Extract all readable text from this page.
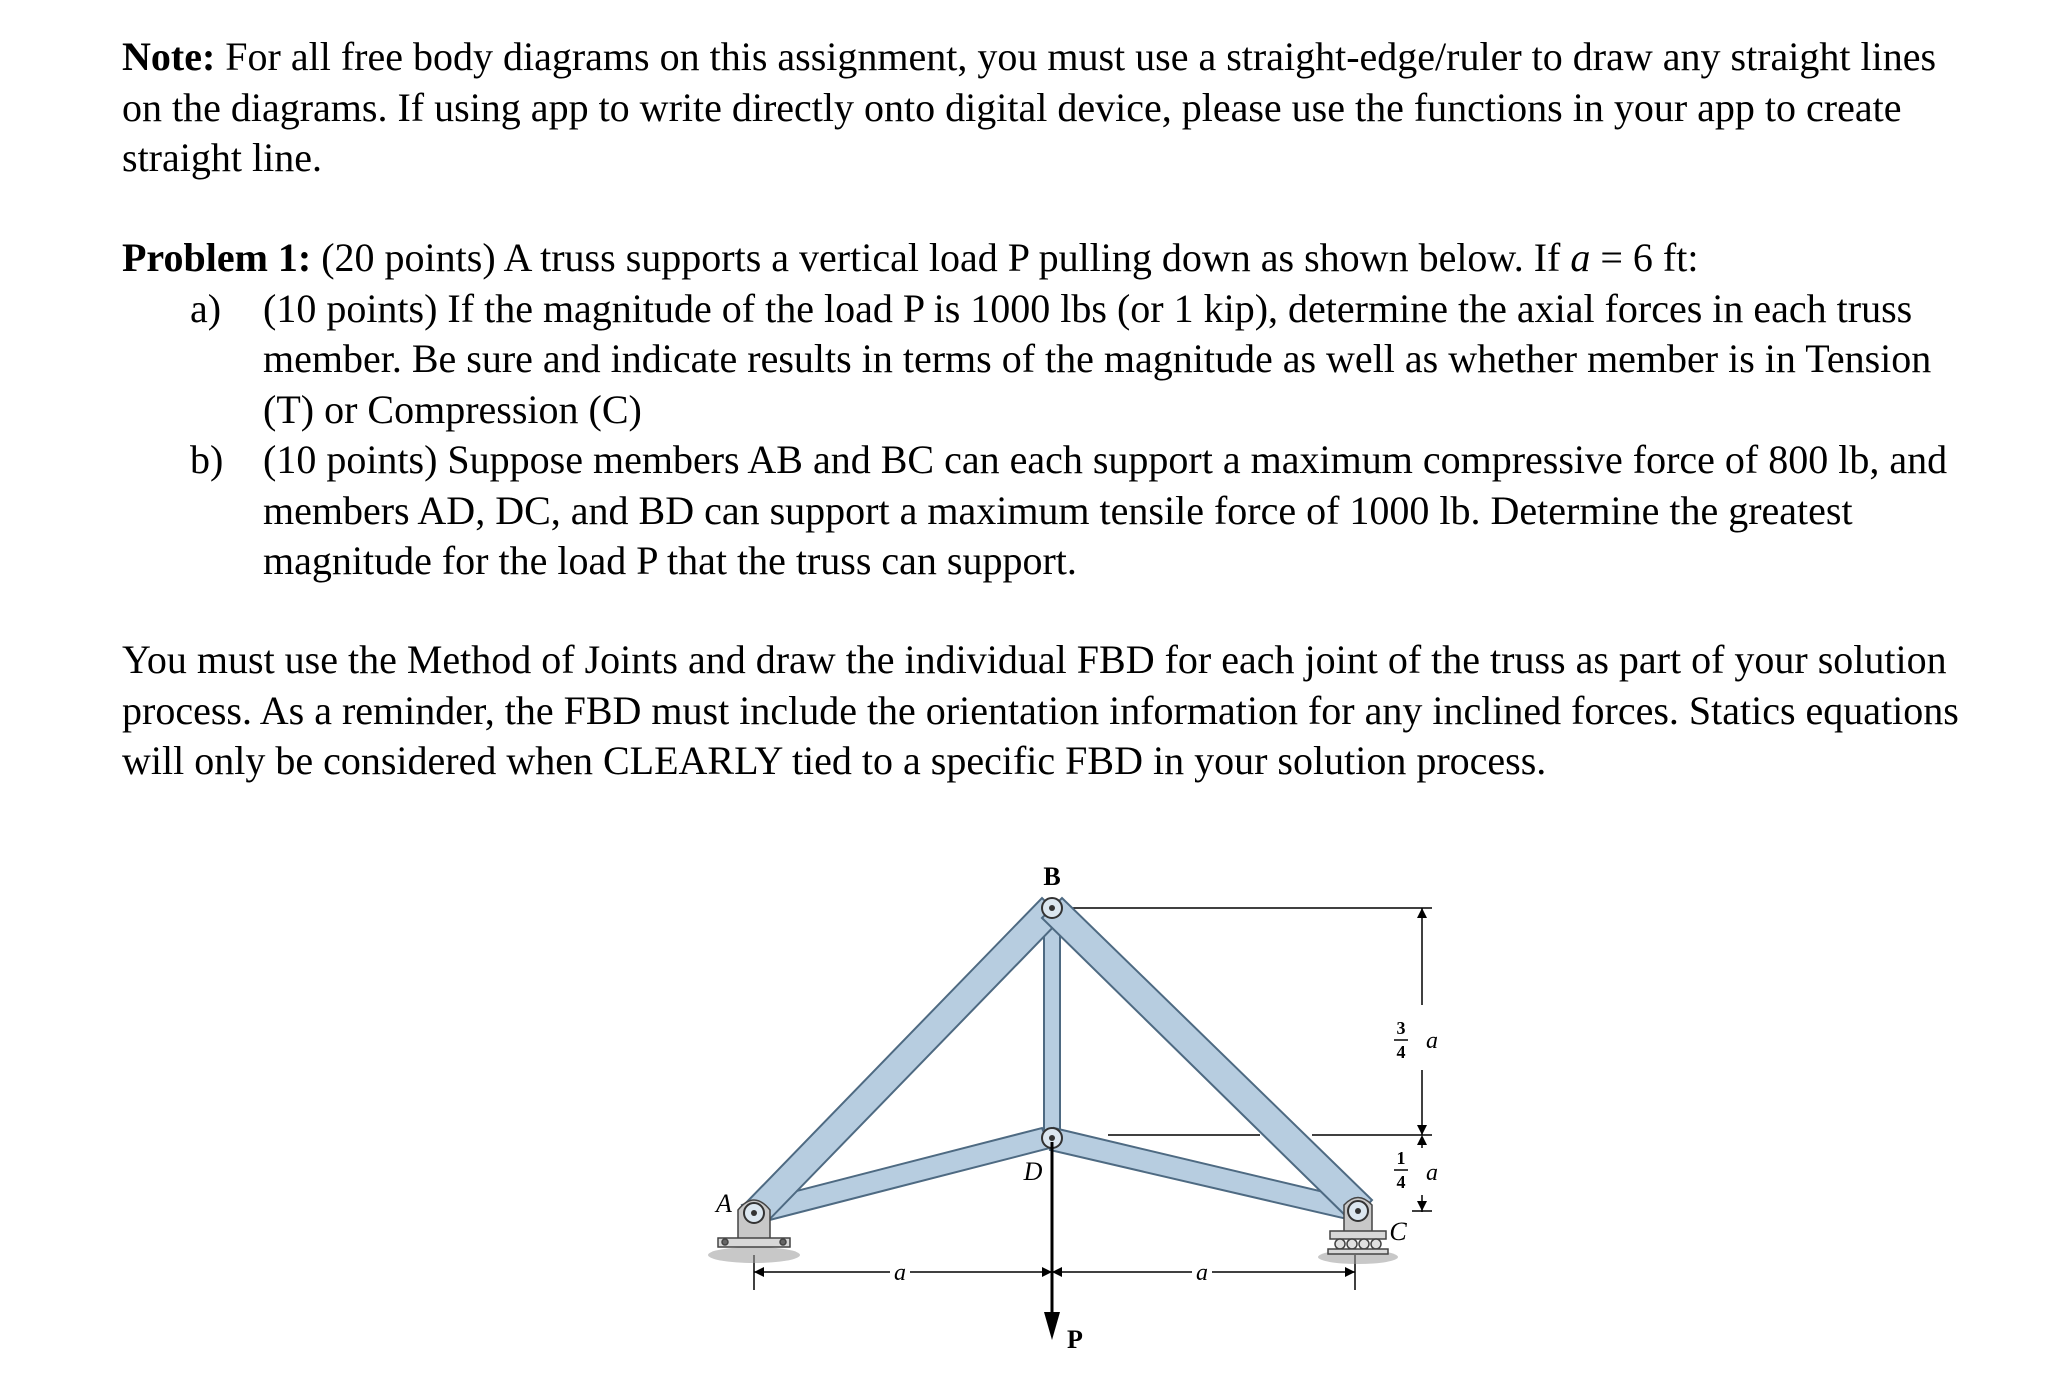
Note: For all free body diagrams on this assignment, you must use a straight-edge/ruler to draw any straight lines on the diagrams. If using app to write directly onto digital device, please use the functions in your app to create straight line.

Problem 1: (20 points) A truss supports a vertical load P pulling down as shown below. If a = 6 ft:
a) (10 points) If the magnitude of the load P is 1000 lbs (or 1 kip), determine the axial forces in each truss member. Be sure and indicate results in terms of the magnitude as well as whether member is in Tension (T) or Compression (C)
b) (10 points) Suppose members AB and BC can each support a maximum compressive force of 800 lb, and members AD, DC, and BD can support a maximum tensile force of 1000 lb. Determine the greatest magnitude for the load P that the truss can support.

You must use the Method of Joints and draw the individual FBD for each joint of the truss as part of your solution process. As a reminder, the FBD must include the orientation information for any inclined forces. Statics equations will only be considered when CLEARLY tied to a specific FBD in your solution process.

B
D
A
C
P
a	a
3
4 a
1
4 a
